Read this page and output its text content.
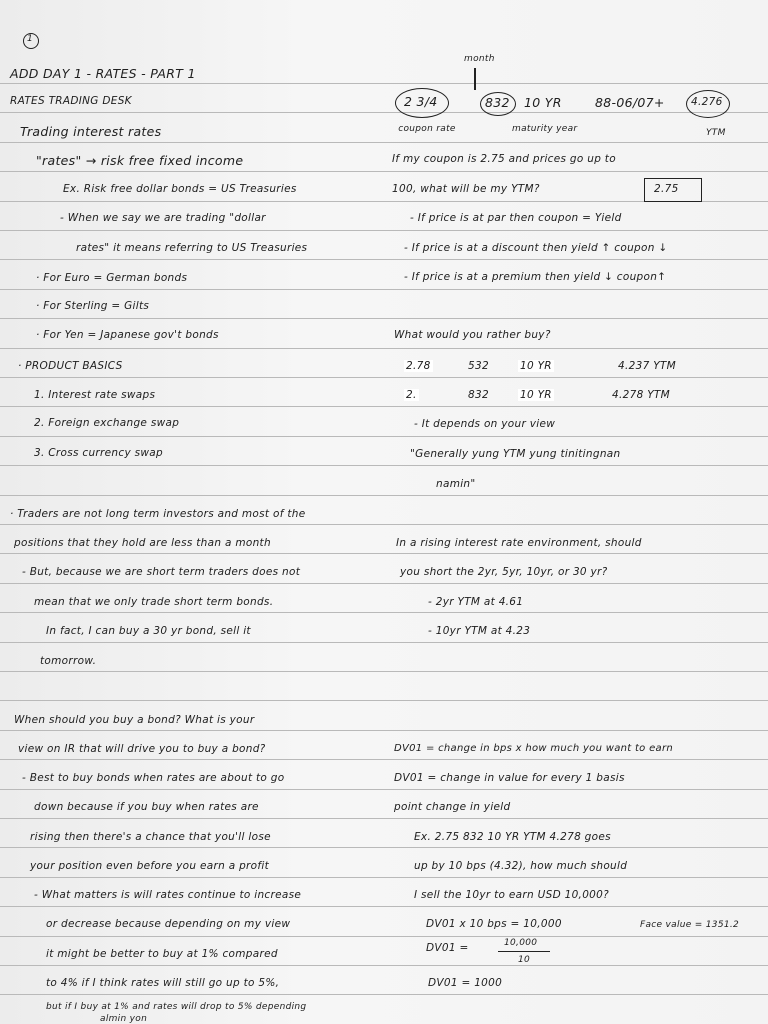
1
ADD DAY 1 - RATES - PART 1
RATES TRADING DESK
Trading interest rates
"rates" → risk free fixed income
Ex. Risk free dollar bonds = US Treasuries
- When we say we are trading "dollar
rates" it means referring to US Treasuries
· For Euro = German bonds
· For Sterling = Gilts
· For Yen = Japanese gov't bonds
· PRODUCT BASICS
1. Interest rate swaps
2. Foreign exchange swap
3. Cross currency swap
· Traders are not long term investors and most of the
positions that they hold are less than a month
- But, because we are short term traders does not
mean that we only trade short term bonds.
In fact, I can buy a 30 yr bond, sell it
tomorrow.
When should you buy a bond? What is your
view on IR that will drive you to buy a bond?
- Best to buy bonds when rates are about to go
down because if you buy when rates are
rising then there's a chance that you'll lose
your position even before you earn a profit
- What matters is will rates continue to increase
or decrease because depending on my view
it might be better to buy at 1% compared
to 4% if I think rates will still go up to 5%,
but if I buy at 1% and rates will drop to 5% depending
almin yon
month
2 3/4	832 10 YR	88-06/07+	4.276
coupon rate	maturity year	YTM
If my coupon is 2.75 and prices go up to
100, what will be my YTM?	2.75
- If price is at par then coupon = Yield
- If price is at a discount then yield ↑ coupon ↓
- If price is at a premium then yield ↓ coupon↑
What would you rather buy?
2.78	532	10 YR	4.237 YTM
2.	832	10 YR	4.278 YTM
- It depends on your view
"Generally yung YTM yung tinitingnan
namin"
In a rising interest rate environment, should
you short the 2yr, 5yr, 10yr, or 30 yr?
- 2yr YTM at 4.61
- 10yr YTM at 4.23
DV01 = change in bps x how much you want to earn
DV01 = change in value for every 1 basis
point change in yield
Ex. 2.75 832 10 YR YTM 4.278 goes
up by 10 bps (4.32), how much should
I sell the 10yr to earn USD 10,000?
DV01 x 10 bps = 10,000	Face value = 1351.2
DV01 =	10,000
10
DV01 = 1000
